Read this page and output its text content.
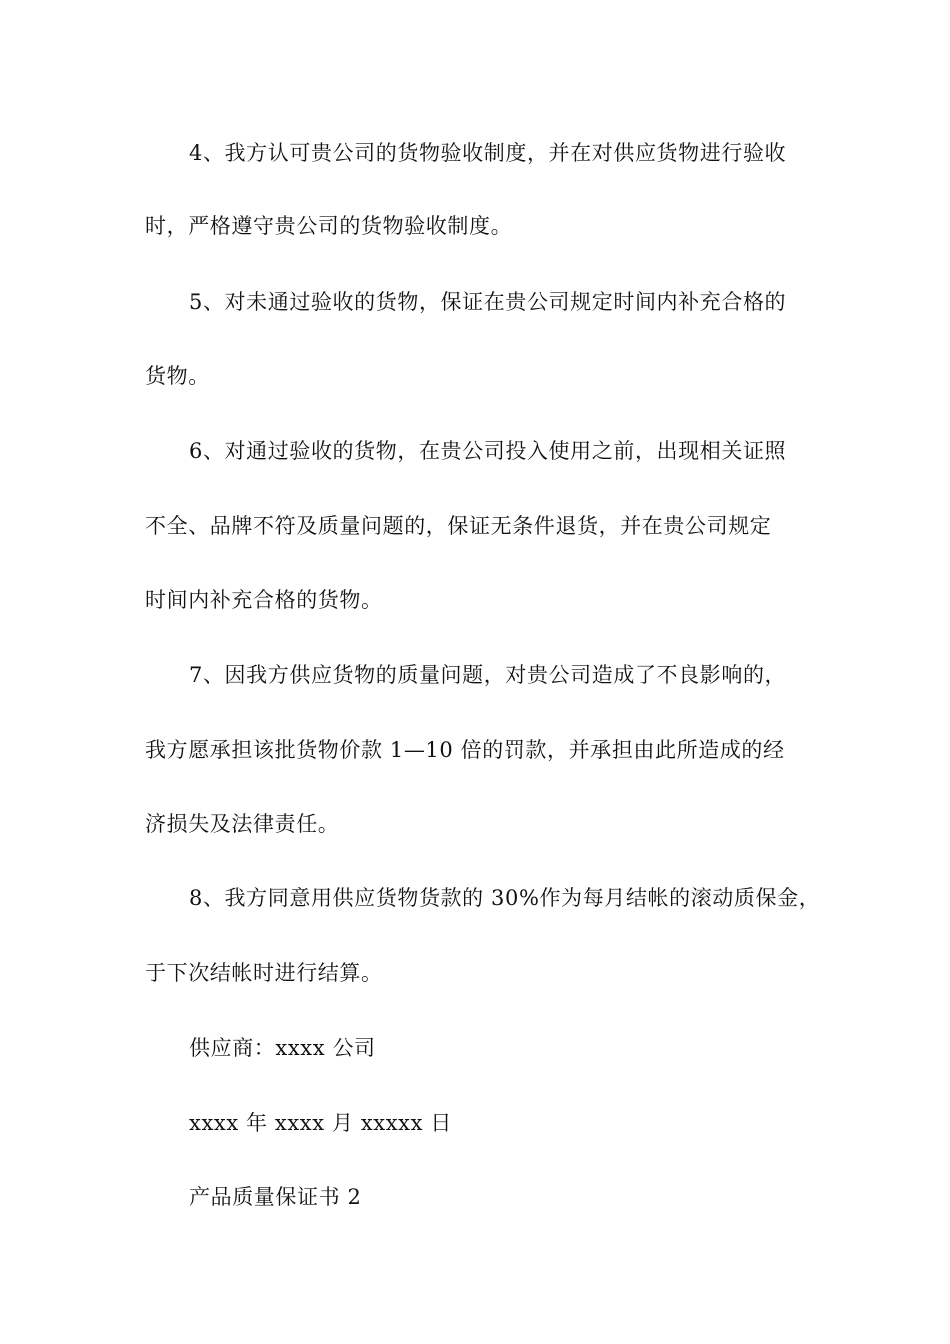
4、我方认可贵公司的货物验收制度，并在对供应货物进行验收
时，严格遵守贵公司的货物验收制度。
5、对未通过验收的货物，保证在贵公司规定时间内补充合格的
货物。
6、对通过验收的货物，在贵公司投入使用之前，出现相关证照
不全、品牌不符及质量问题的，保证无条件退货，并在贵公司规定
时间内补充合格的货物。
7、因我方供应货物的质量问题，对贵公司造成了不良影响的，
我方愿承担该批货物价款 1—10 倍的罚款，并承担由此所造成的经
济损失及法律责任。
8、我方同意用供应货物货款的 30%作为每月结帐的滚动质保金，
于下次结帐时进行结算。
供应商：xxxx 公司
xxxx 年 xxxx 月 xxxxx 日
产品质量保证书 2
